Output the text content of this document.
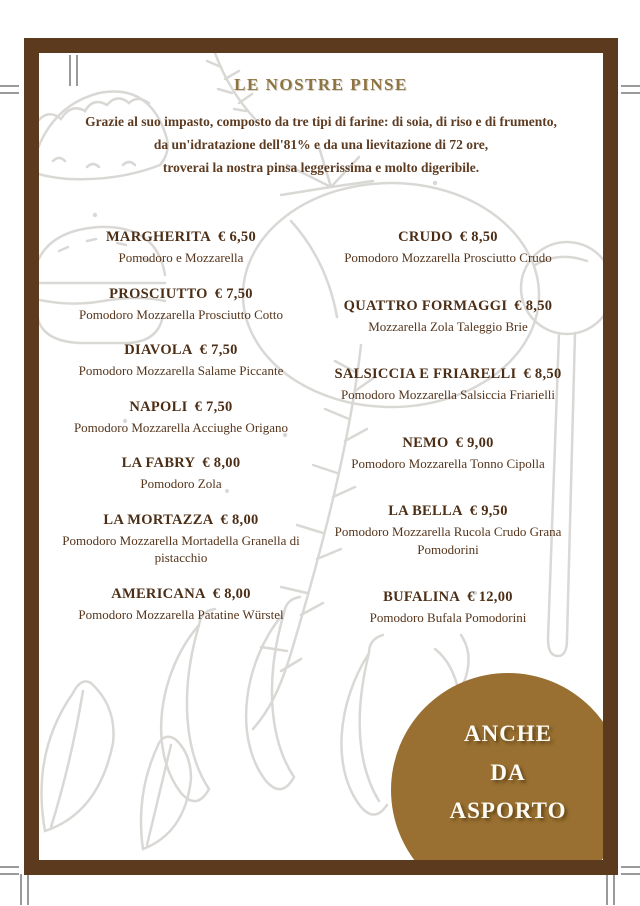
LE NOSTRE PINSE
Grazie al suo impasto, composto da tre tipi di farine: di soia, di riso e di frumento,
da un'idratazione dell'81% e da una lievitazione di 72 ore,
troverai la nostra pinsa leggerissima e molto digeribile.
MARGHERITA € 6,50
Pomodoro e Mozzarella
PROSCIUTTO € 7,50
Pomodoro Mozzarella Prosciutto Cotto
DIAVOLA € 7,50
Pomodoro Mozzarella Salame Piccante
NAPOLI € 7,50
Pomodoro Mozzarella Acciughe Origano
LA FABRY € 8,00
Pomodoro Zola
LA MORTAZZA € 8,00
Pomodoro Mozzarella Mortadella Granella di pistacchio
AMERICANA € 8,00
Pomodoro Mozzarella Patatine Würstel
CRUDO € 8,50
Pomodoro Mozzarella Prosciutto Crudo
QUATTRO FORMAGGI € 8,50
Mozzarella Zola Taleggio Brie
SALSICCIA E FRIARELLI € 8,50
Pomodoro Mozzarella Salsiccia Friarielli
NEMO € 9,00
Pomodoro Mozzarella Tonno Cipolla
LA BELLA € 9,50
Pomodoro Mozzarella Rucola Crudo Grana Pomodorini
BUFALINA € 12,00
Pomodoro Bufala Pomodorini
ANCHE
DA
ASPORTO
